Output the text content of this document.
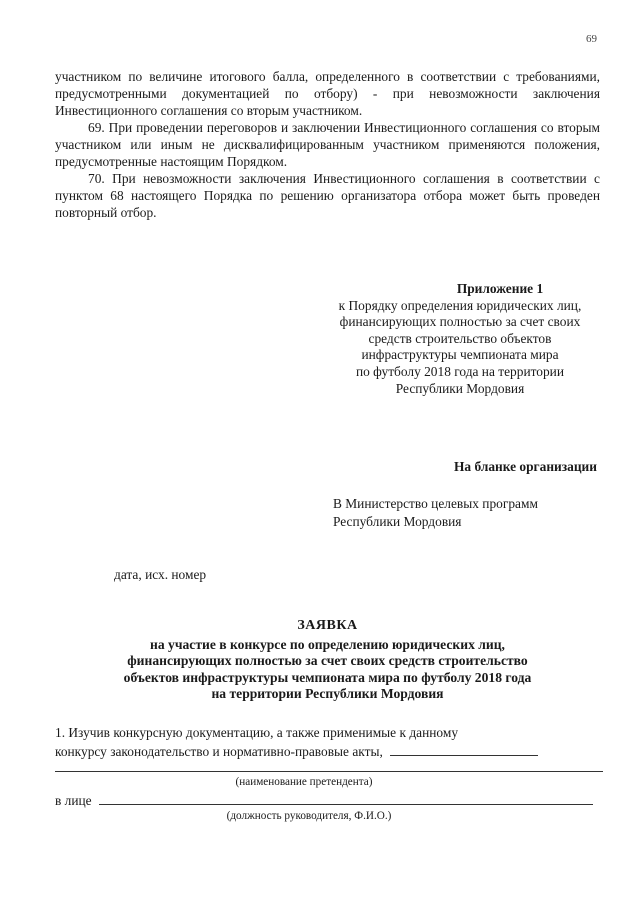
69

участником по величине итогового балла, определенного в соответствии с требованиями, предусмотренными документацией по отбору) - при невозможности заключения Инвестиционного соглашения со вторым участником.

69. При проведении переговоров и заключении Инвестиционного соглашения со вторым участником или иным не дисквалифицированным участником применяются положения, предусмотренные настоящим Порядком.

70. При невозможности заключения Инвестиционного соглашения в соответствии с пунктом 68 настоящего Порядка по решению организатора отбора может быть проведен повторный отбор.

Приложение 1
к Порядку определения юридических лиц,
финансирующих полностью за счет своих
средств строительство объектов
инфраструктуры чемпионата мира
по футболу 2018 года на территории
Республики Мордовия
На бланке организации
В Министерство целевых программ
Республики Мордовия
дата, исх. номер
ЗАЯВКА
на участие в конкурсе по определению юридических лиц,
финансирующих полностью за счет своих средств строительство
объектов инфраструктуры чемпионата мира по футболу 2018 года
на территории Республики Мордовия
1. Изучив конкурсную документацию, а также применимые к данному
конкурсу законодательство и нормативно-правовые акты,
(наименование претендента)
в лице
(должность руководителя, Ф.И.О.)
